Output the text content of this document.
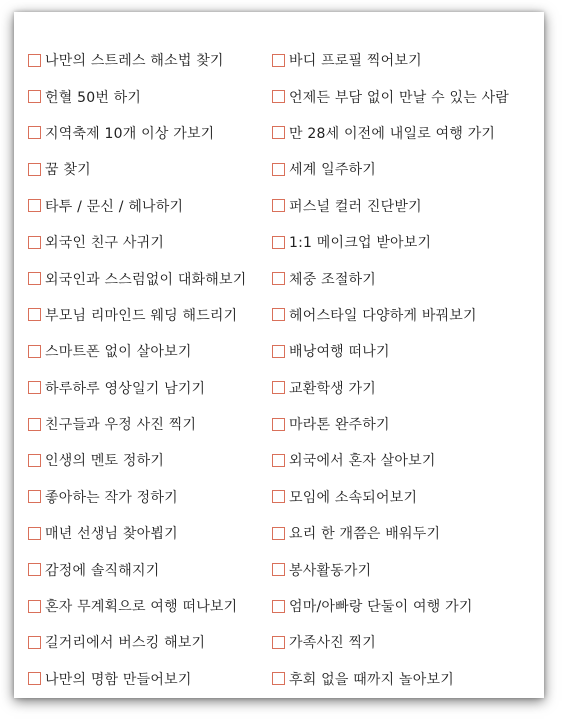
나만의 스트레스 해소법 찾기
헌혈 50번 하기
지역축제 10개 이상 가보기
꿈 찾기
타투 / 문신 / 헤나하기
외국인 친구 사귀기
외국인과 스스럼없이 대화해보기
부모님 리마인드 웨딩 해드리기
스마트폰 없이 살아보기
하루하루 영상일기 남기기
친구들과 우정 사진 찍기
인생의 멘토 정하기
좋아하는 작가 정하기
매년 선생님 찾아뵙기
감정에 솔직해지기
혼자 무계획으로 여행 떠나보기
길거리에서 버스킹 해보기
나만의 명함 만들어보기
바디 프로필 찍어보기
언제든 부담 없이 만날 수 있는 사람
만 28세 이전에 내일로 여행 가기
세계 일주하기
퍼스널 컬러 진단받기
1:1 메이크업 받아보기
체중 조절하기
헤어스타일 다양하게 바꿔보기
배낭여행 떠나기
교환학생 가기
마라톤 완주하기
외국에서 혼자 살아보기
모임에 소속되어보기
요리 한 개쯤은 배워두기
봉사활동가기
엄마/아빠랑 단둘이 여행 가기
가족사진 찍기
후회 없을 때까지 놀아보기
